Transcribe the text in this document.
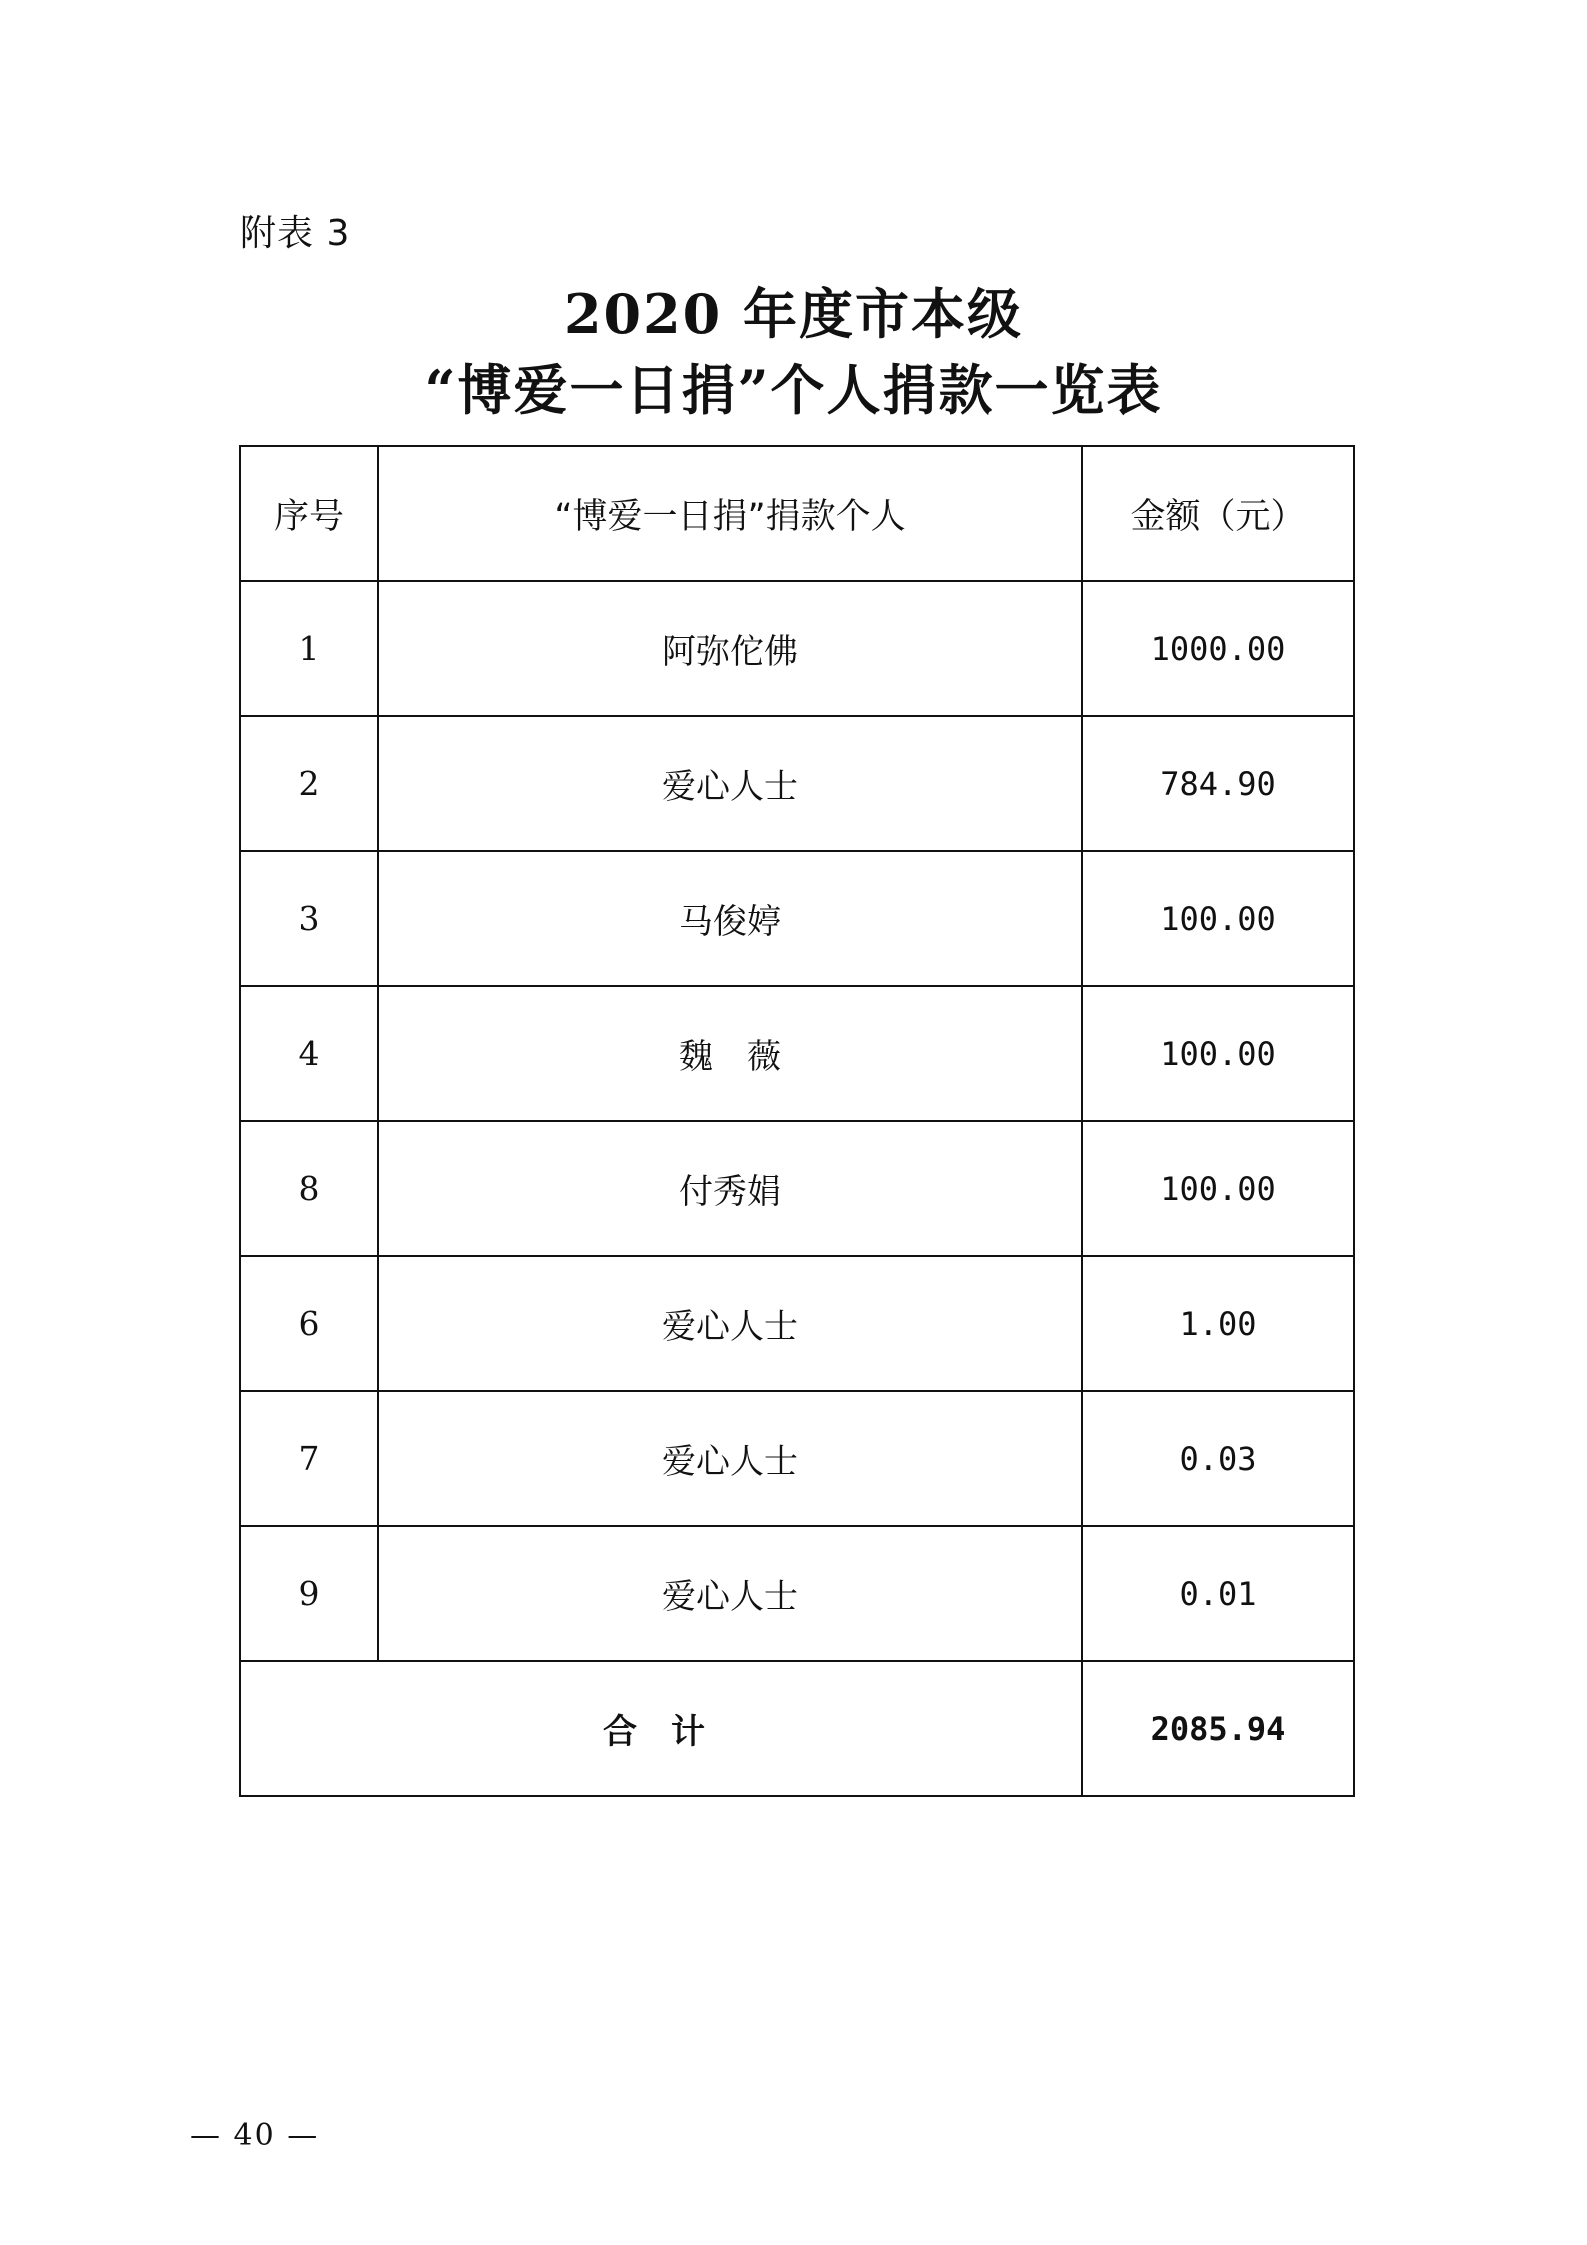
附表 3
2020 年度市本级
“博爱一日捐”个人捐款一览表
序号	“博爱一日捐”捐款个人	金额（元）
1	阿弥佗佛	1000.00
2	爱心人士	784.90
3	马俊婷	100.00
4	魏　薇	100.00
8	付秀娟	100.00
6	爱心人士	1.00
7	爱心人士	0.03
9	爱心人士	0.01
合　计		2085.94
— 40 —
